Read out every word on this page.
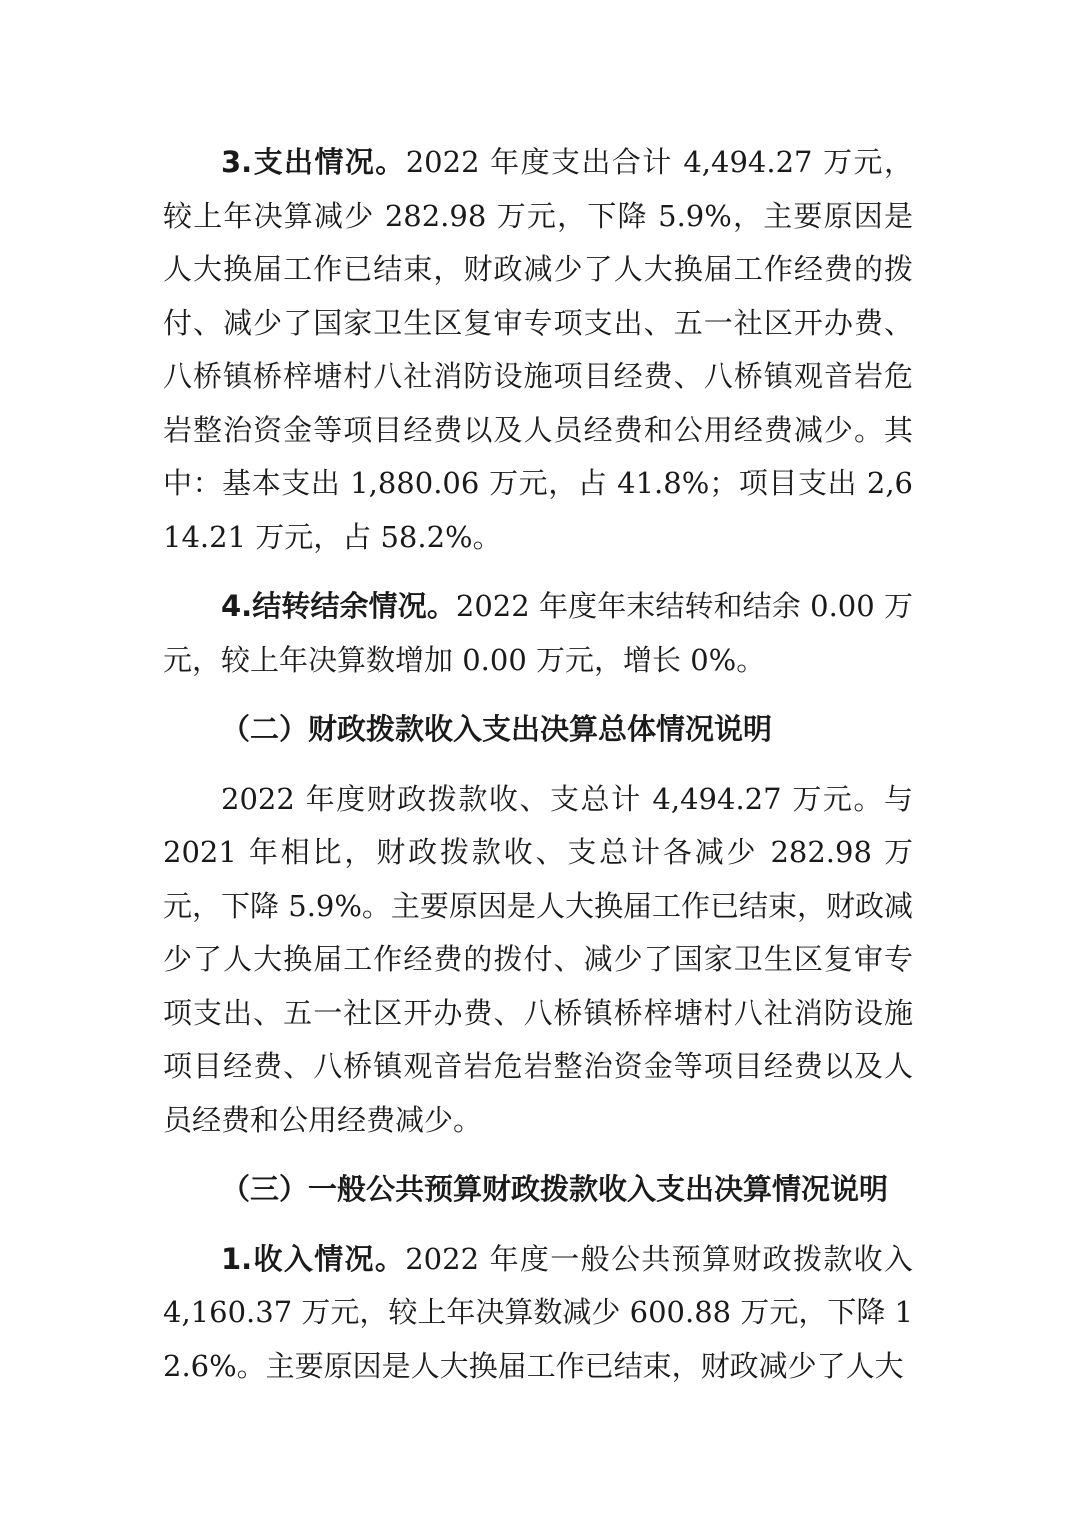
3.支出情况。2022 年度支出合计 4,494.27 万元，较上年决算减少 282.98 万元，下降 5.9%，主要原因是人大换届工作已结束，财政减少了人大换届工作经费的拨付、减少了国家卫生区复审专项支出、五一社区开办费、八桥镇桥梓塘村八社消防设施项目经费、八桥镇观音岩危岩整治资金等项目经费以及人员经费和公用经费减少。其中：基本支出 1,880.06 万元，占 41.8%；项目支出 2,614.21 万元，占 58.2%。

4.结转结余情况。2022 年度年末结转和结余 0.00 万元，较上年决算数增加 0.00 万元，增长 0%。

（二）财政拨款收入支出决算总体情况说明

2022 年度财政拨款收、支总计 4,494.27 万元。与 2021 年相比，财政拨款收、支总计各减少 282.98 万元，下降 5.9%。主要原因是人大换届工作已结束，财政减少了人大换届工作经费的拨付、减少了国家卫生区复审专项支出、五一社区开办费、八桥镇桥梓塘村八社消防设施项目经费、八桥镇观音岩危岩整治资金等项目经费以及人员经费和公用经费减少。

（三）一般公共预算财政拨款收入支出决算情况说明

1.收入情况。2022 年度一般公共预算财政拨款收入 4,160.37 万元，较上年决算数减少 600.88 万元，下降 12.6%。主要原因是人大换届工作已结束，财政减少了人大
